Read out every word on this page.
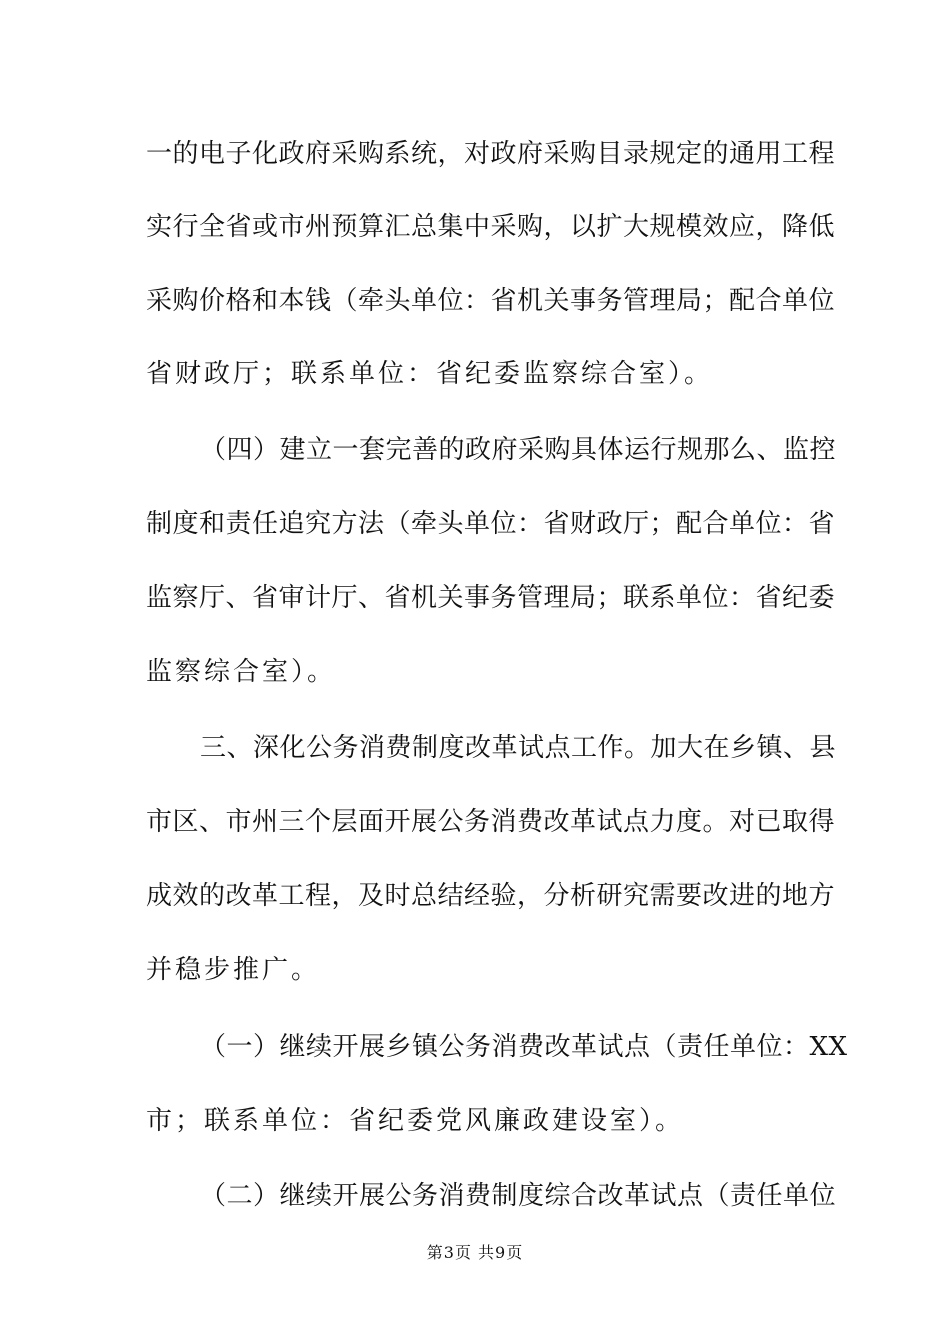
一的电子化政府采购系统，对政府采购目录规定的通用工程
实行全省或市州预算汇总集中采购，以扩大规模效应，降低
采购价格和本钱（牵头单位：省机关事务管理局；配合单位
省财政厅；联系单位：省纪委监察综合室）。
（四）建立一套完善的政府采购具体运行规那么、监控
制度和责任追究方法（牵头单位：省财政厅；配合单位：省
监察厅、省审计厅、省机关事务管理局；联系单位：省纪委
监察综合室）。
三、深化公务消费制度改革试点工作。加大在乡镇、县
市区、市州三个层面开展公务消费改革试点力度。对已取得
成效的改革工程，及时总结经验，分析研究需要改进的地方
并稳步推广。
（一）继续开展乡镇公务消费改革试点（责任单位：XX
市；联系单位：省纪委党风廉政建设室）。
（二）继续开展公务消费制度综合改革试点（责任单位
第3页 共9页
